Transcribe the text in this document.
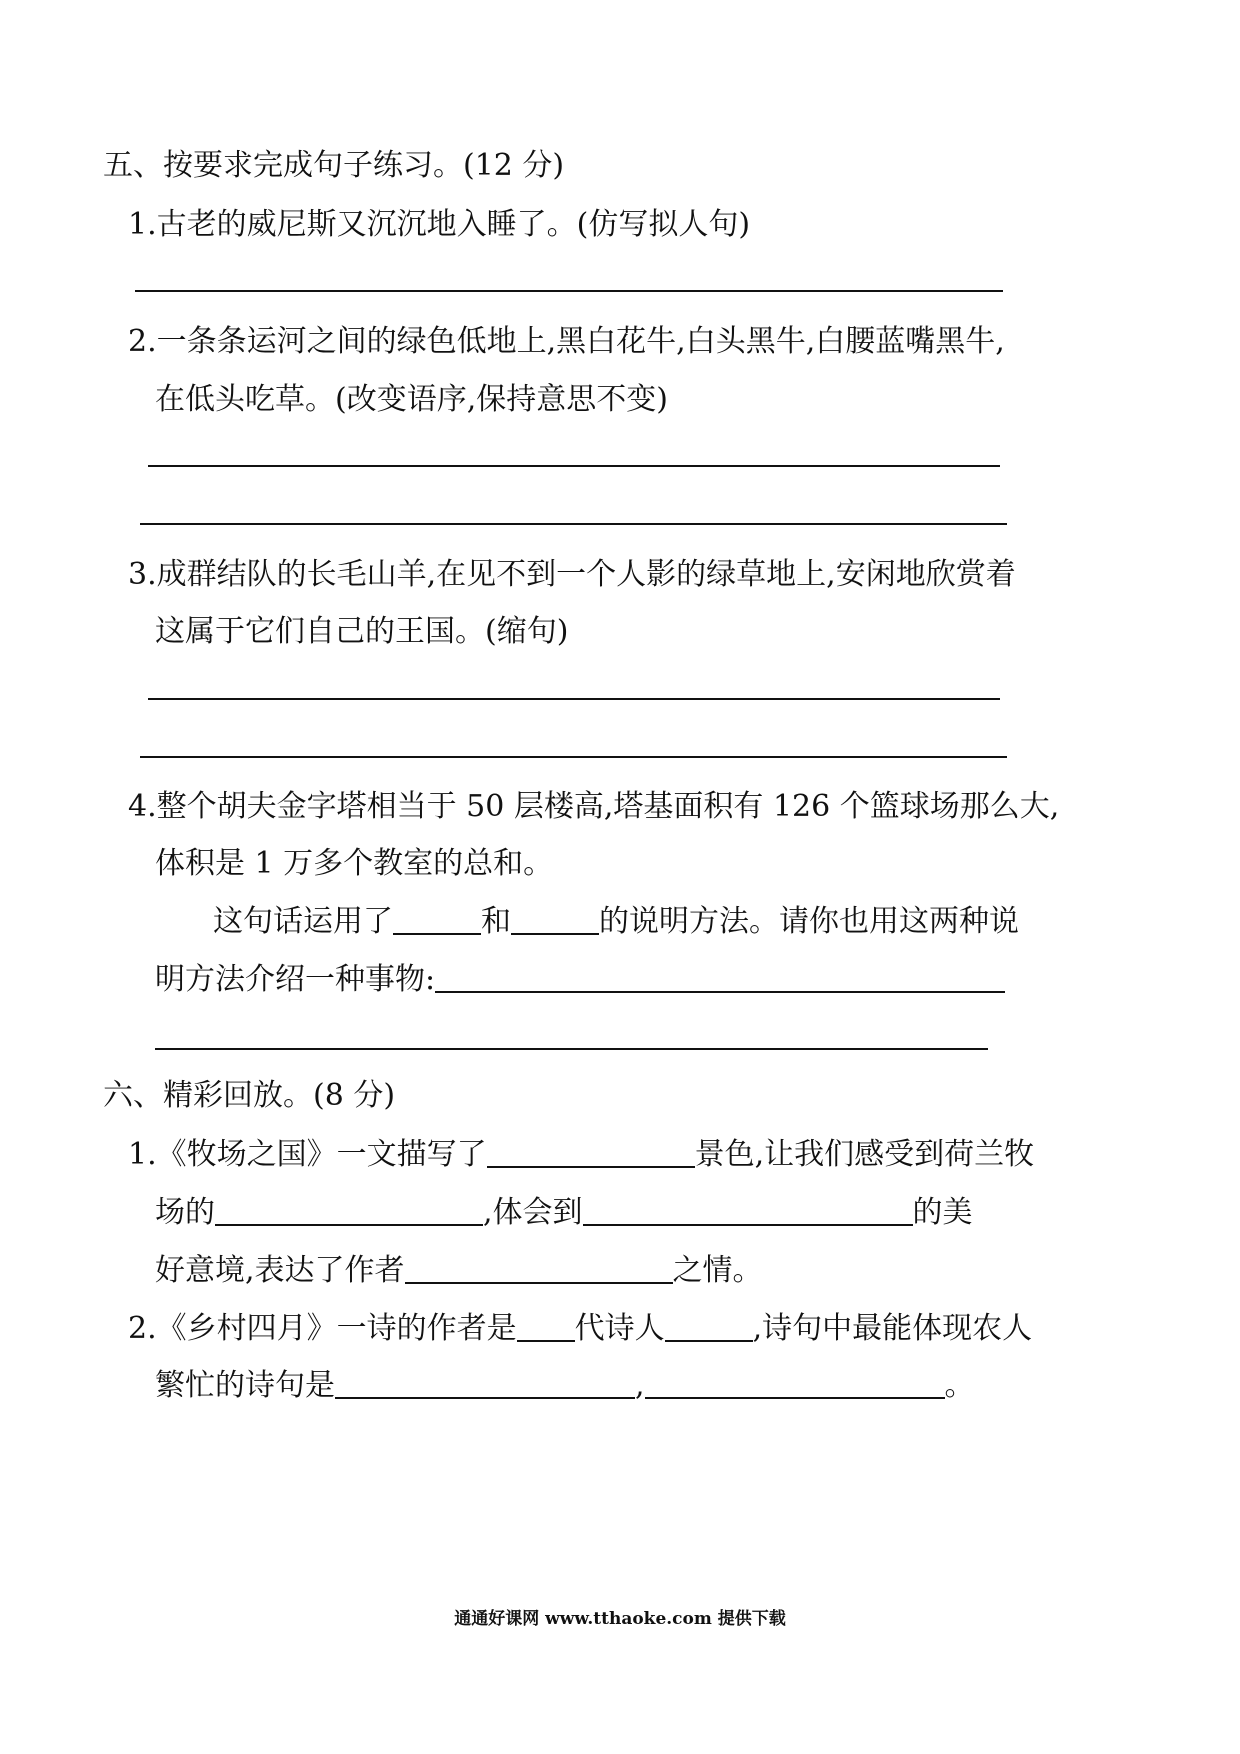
五、按要求完成句子练习。(12 分)
1.古老的威尼斯又沉沉地入睡了。(仿写拟人句)
2.一条条运河之间的绿色低地上,黑白花牛,白头黑牛,白腰蓝嘴黑牛,
在低头吃草。(改变语序,保持意思不变)
3.成群结队的长毛山羊,在见不到一个人影的绿草地上,安闲地欣赏着
这属于它们自己的王国。(缩句)
4.整个胡夫金字塔相当于 50 层楼高,塔基面积有 126 个篮球场那么大,
体积是 1 万多个教室的总和。
这句话运用了	和	的说明方法。请你也用这两种说
明方法介绍一种事物:
六、精彩回放。(8 分)
1.《牧场之国》一文描写了	景色,让我们感受到荷兰牧
场的	,体会到	的美
好意境,表达了作者	之情。
2.《乡村四月》一诗的作者是 代诗人	,诗句中最能体现农人
繁忙的诗句是	,	。
通通好课网 www.tthaoke.com 提供下载
